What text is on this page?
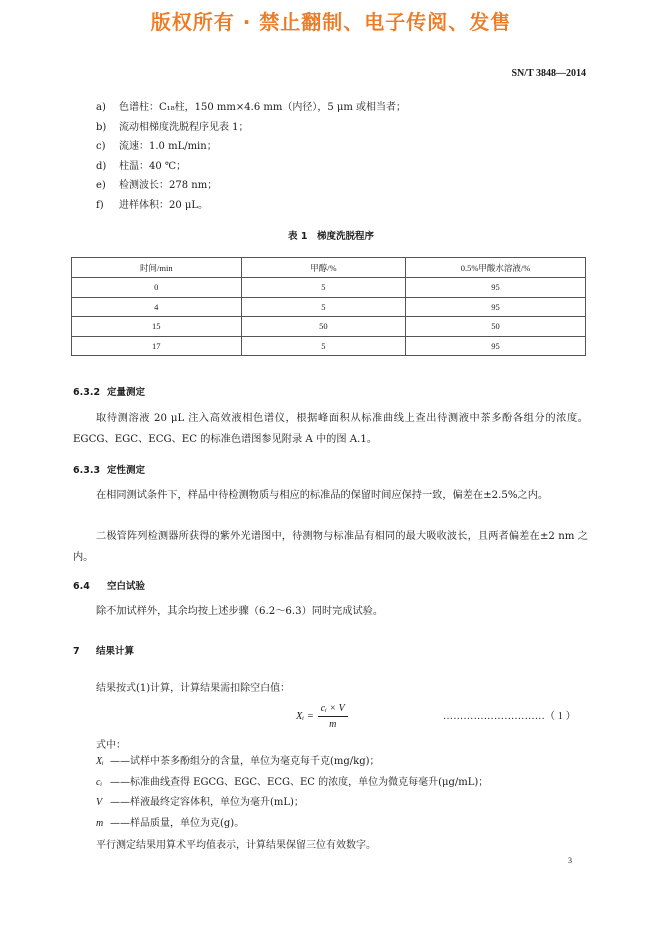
版权所有 · 禁止翻制、电子传阅、发售
SN/T 3848—2014
a) 色谱柱：C₁₈柱，150 mm×4.6 mm（内径），5 μm 或相当者；
b) 流动相梯度洗脱程序见表 1；
c) 流速：1.0 mL/min；
d) 柱温：40 ℃；
e) 检测波长：278 nm；
f) 进样体积：20 μL。
表 1　梯度洗脱程序
时间/min	甲醇/%	0.5%甲酸水溶液/%
0	5	95
4	5	95
15	50	50
17	5	95
6.3.2 定量测定
取待测溶液 20 μL 注入高效液相色谱仪，根据峰面积从标准曲线上查出待测液中茶多酚各组分的浓度。EGCG、EGC、ECG、EC 的标准色谱图参见附录 A 中的图 A.1。
6.3.3 定性测定
在相同测试条件下，样品中待检测物质与相应的标准品的保留时间应保持一致，偏差在±2.5%之内。
二极管阵列检测器所获得的紫外光谱图中，待测物与标准品有相同的最大吸收波长，且两者偏差在±2 nm 之内。
6.4 空白试验
除不加试样外，其余均按上述步骤（6.2～6.3）同时完成试验。
7 结果计算
结果按式(1)计算，计算结果需扣除空白值：
Xᵢ = $\frac{\text{cᵢ × V}}{m}$	…………………………（ 1 ）
式中：
Xᵢ ——试样中茶多酚组分的含量，单位为毫克每千克(mg/kg)；
cᵢ ——标准曲线查得 EGCG、EGC、ECG、EC 的浓度，单位为微克每毫升(μg/mL)；
V ——样液最终定容体积，单位为毫升(mL)；
m ——样品质量，单位为克(g)。
平行测定结果用算术平均值表示，计算结果保留三位有效数字。
3
